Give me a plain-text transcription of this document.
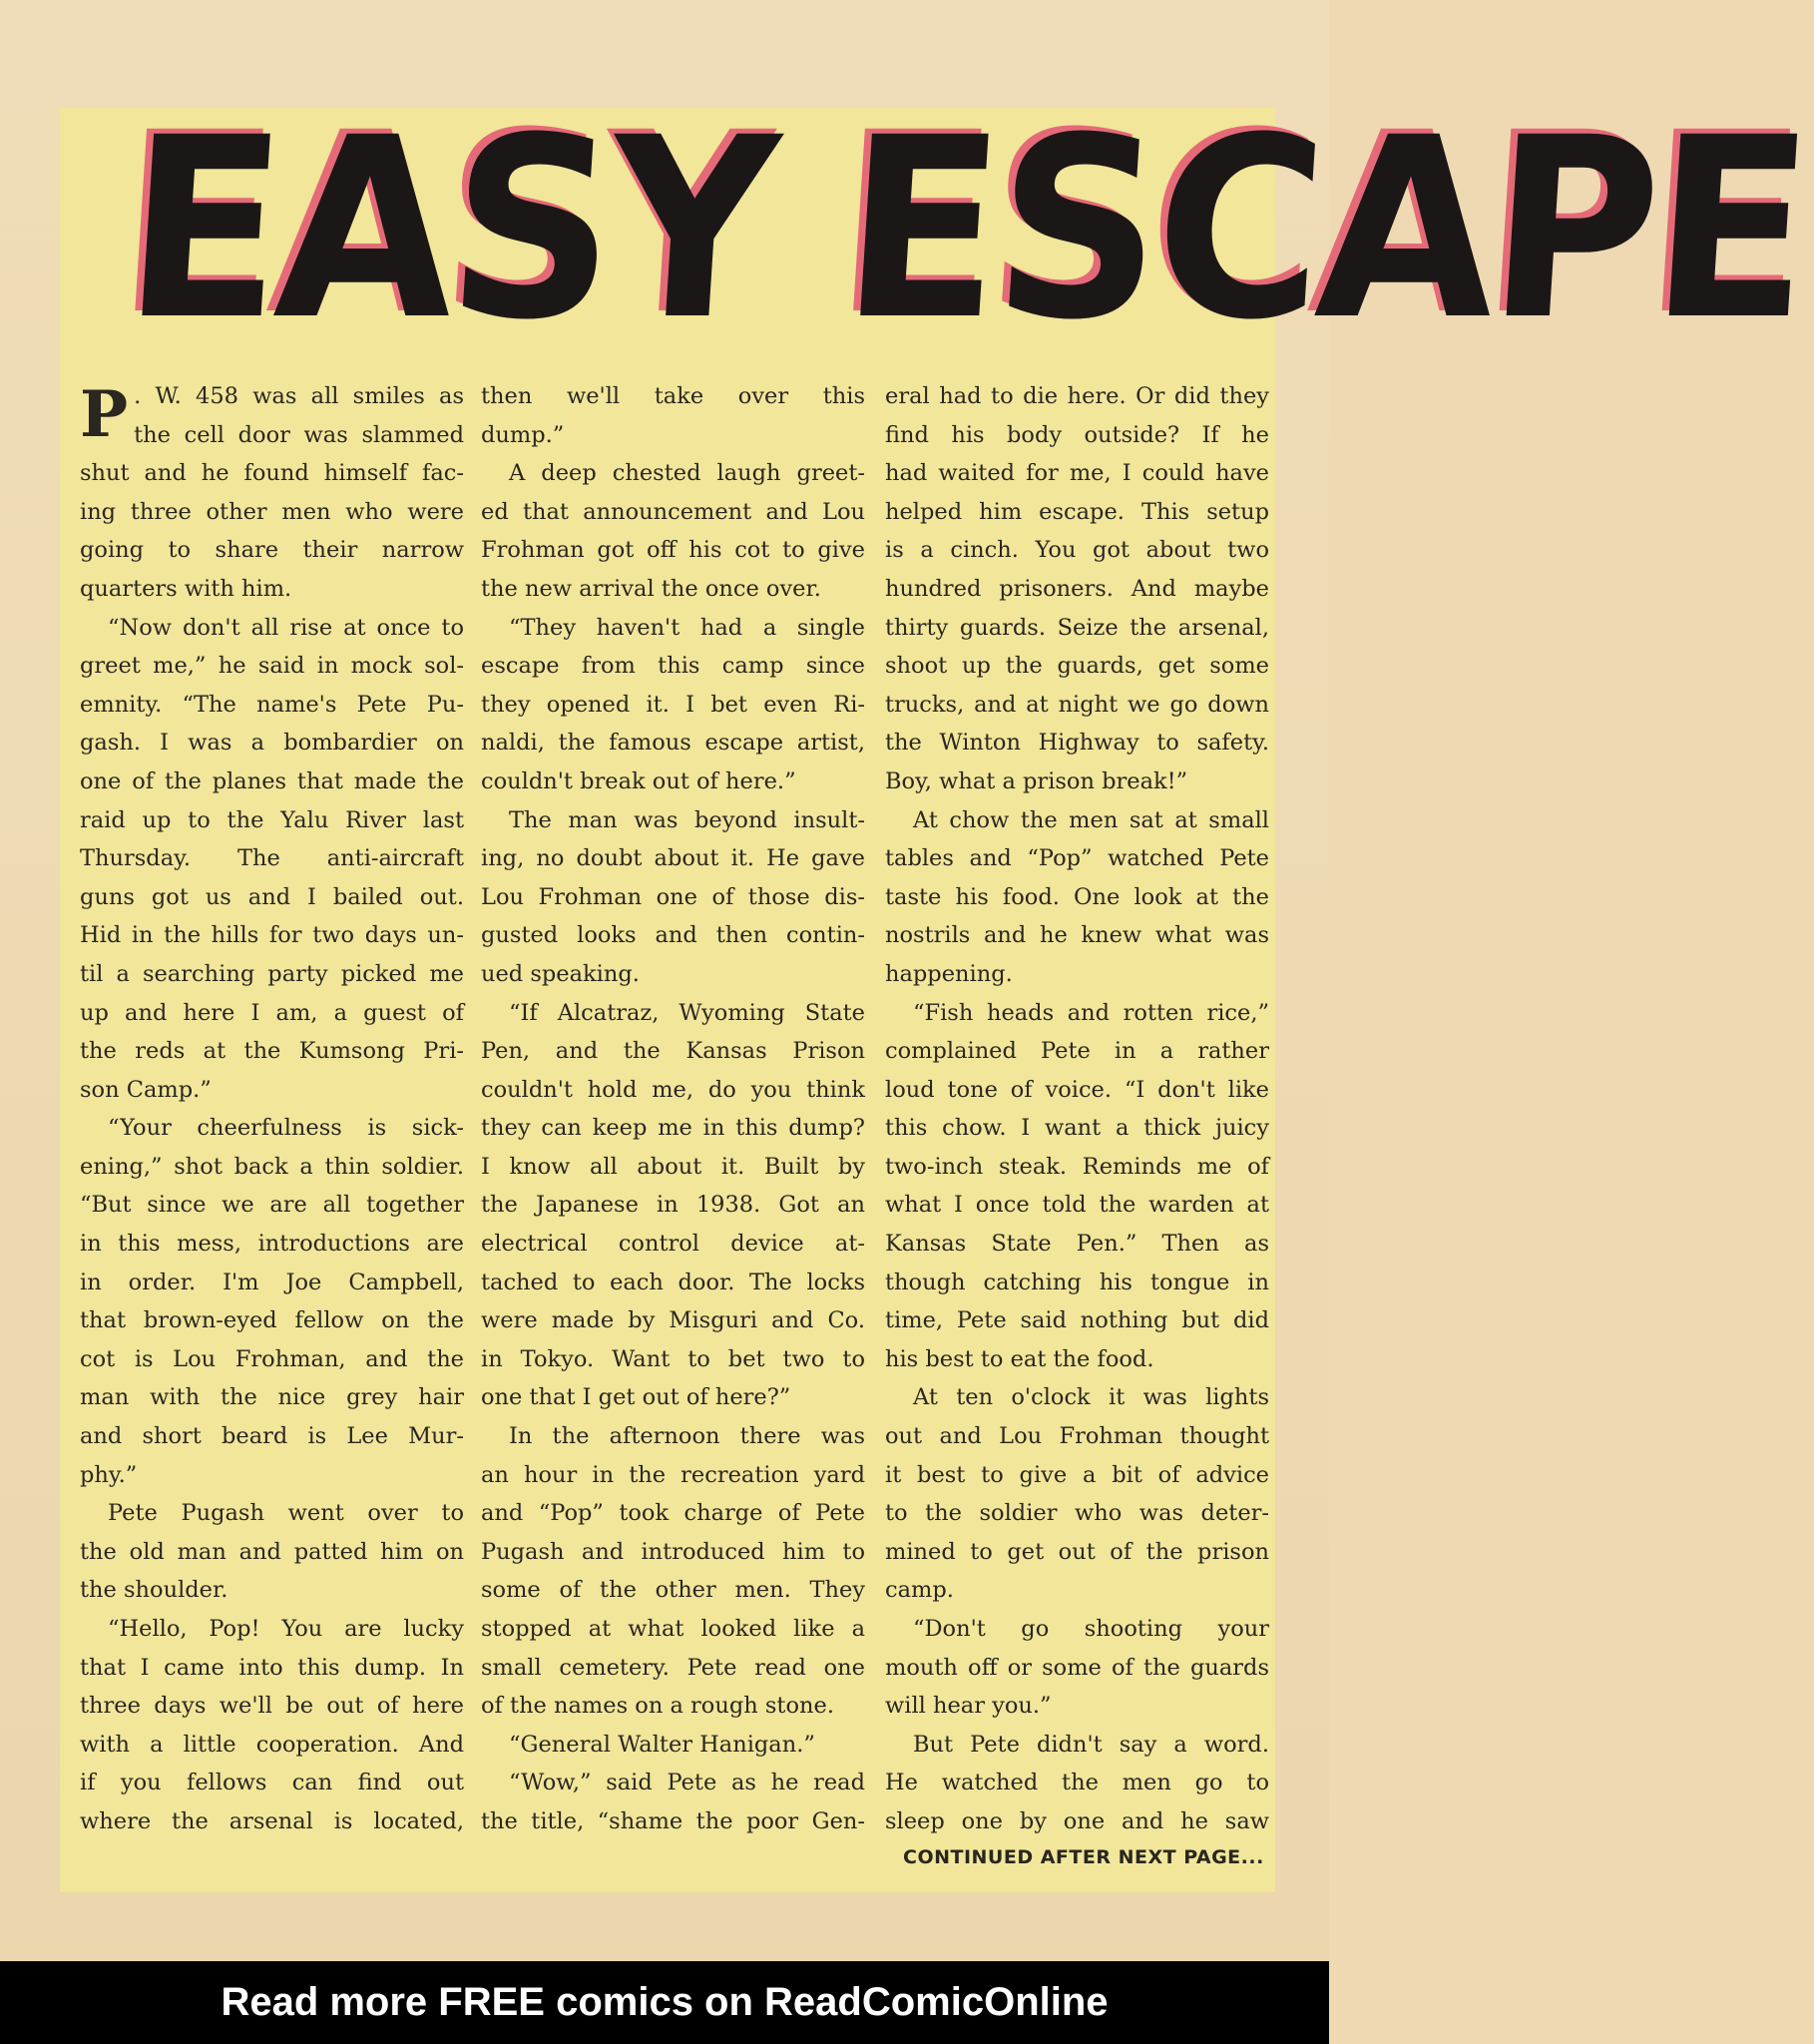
EASY ESCAPE
P . W. 458 was all smiles as
the cell door was slammed
shut and he found himself fac-
ing three other men who were
going to share their narrow
quarters with him.
“Now don't all rise at once to
greet me,” he said in mock sol-
emnity. “The name's Pete Pu-
gash. I was a bombardier on
one of the planes that made the
raid up to the Yalu River last
Thursday. The anti-aircraft
guns got us and I bailed out.
Hid in the hills for two days un-
til a searching party picked me
up and here I am, a guest of
the reds at the Kumsong Pri-
son Camp.”
“Your cheerfulness is sick-
ening,” shot back a thin soldier.
“But since we are all together
in this mess, introductions are
in order. I'm Joe Campbell,
that brown-eyed fellow on the
cot is Lou Frohman, and the
man with the nice grey hair
and short beard is Lee Mur-
phy.”
Pete Pugash went over to
the old man and patted him on
the shoulder.
“Hello, Pop! You are lucky
that I came into this dump. In
three days we'll be out of here
with a little cooperation. And
if you fellows can find out
where the arsenal is located,
then we'll take over this
dump.”
A deep chested laugh greet-
ed that announcement and Lou
Frohman got off his cot to give
the new arrival the once over.
“They haven't had a single
escape from this camp since
they opened it. I bet even Ri-
naldi, the famous escape artist,
couldn't break out of here.”
The man was beyond insult-
ing, no doubt about it. He gave
Lou Frohman one of those dis-
gusted looks and then contin-
ued speaking.
“If Alcatraz, Wyoming State
Pen, and the Kansas Prison
couldn't hold me, do you think
they can keep me in this dump?
I know all about it. Built by
the Japanese in 1938. Got an
electrical control device at-
tached to each door. The locks
were made by Misguri and Co.
in Tokyo. Want to bet two to
one that I get out of here?”
In the afternoon there was
an hour in the recreation yard
and “Pop” took charge of Pete
Pugash and introduced him to
some of the other men. They
stopped at what looked like a
small cemetery. Pete read one
of the names on a rough stone.
“General Walter Hanigan.”
“Wow,” said Pete as he read
the title, “shame the poor Gen-
eral had to die here. Or did they
find his body outside? If he
had waited for me, I could have
helped him escape. This setup
is a cinch. You got about two
hundred prisoners. And maybe
thirty guards. Seize the arsenal,
shoot up the guards, get some
trucks, and at night we go down
the Winton Highway to safety.
Boy, what a prison break!”
At chow the men sat at small
tables and “Pop” watched Pete
taste his food. One look at the
nostrils and he knew what was
happening.
“Fish heads and rotten rice,”
complained Pete in a rather
loud tone of voice. “I don't like
this chow. I want a thick juicy
two-inch steak. Reminds me of
what I once told the warden at
Kansas State Pen.” Then as
though catching his tongue in
time, Pete said nothing but did
his best to eat the food.
At ten o'clock it was lights
out and Lou Frohman thought
it best to give a bit of advice
to the soldier who was deter-
mined to get out of the prison
camp.
“Don't go shooting your
mouth off or some of the guards
will hear you.”
But Pete didn't say a word.
He watched the men go to
sleep one by one and he saw
CONTINUED AFTER NEXT PAGE...
Read more FREE comics on ReadComicOnline
